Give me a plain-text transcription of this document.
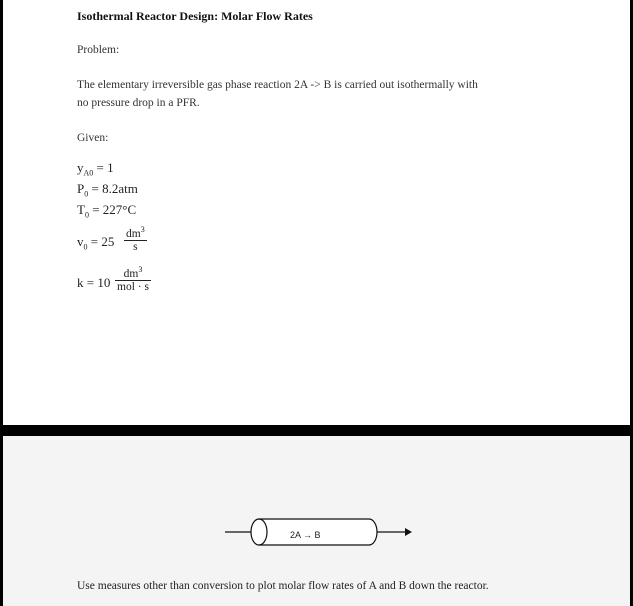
Isothermal Reactor Design: Molar Flow Rates
Problem:
The elementary irreversible gas phase reaction 2A -> B is carried out isothermally with
no pressure drop in a PFR.
Given:
$y_{A0} = 1$
$P_0 = 8.2atm$
$T_0 = 227^\circ C$
$v_0 = 25$
$dm^3$
s
k = 10
$dm^3$
mol · s
2A → B
Use measures other than conversion to plot molar flow rates of A and B down the reactor.
